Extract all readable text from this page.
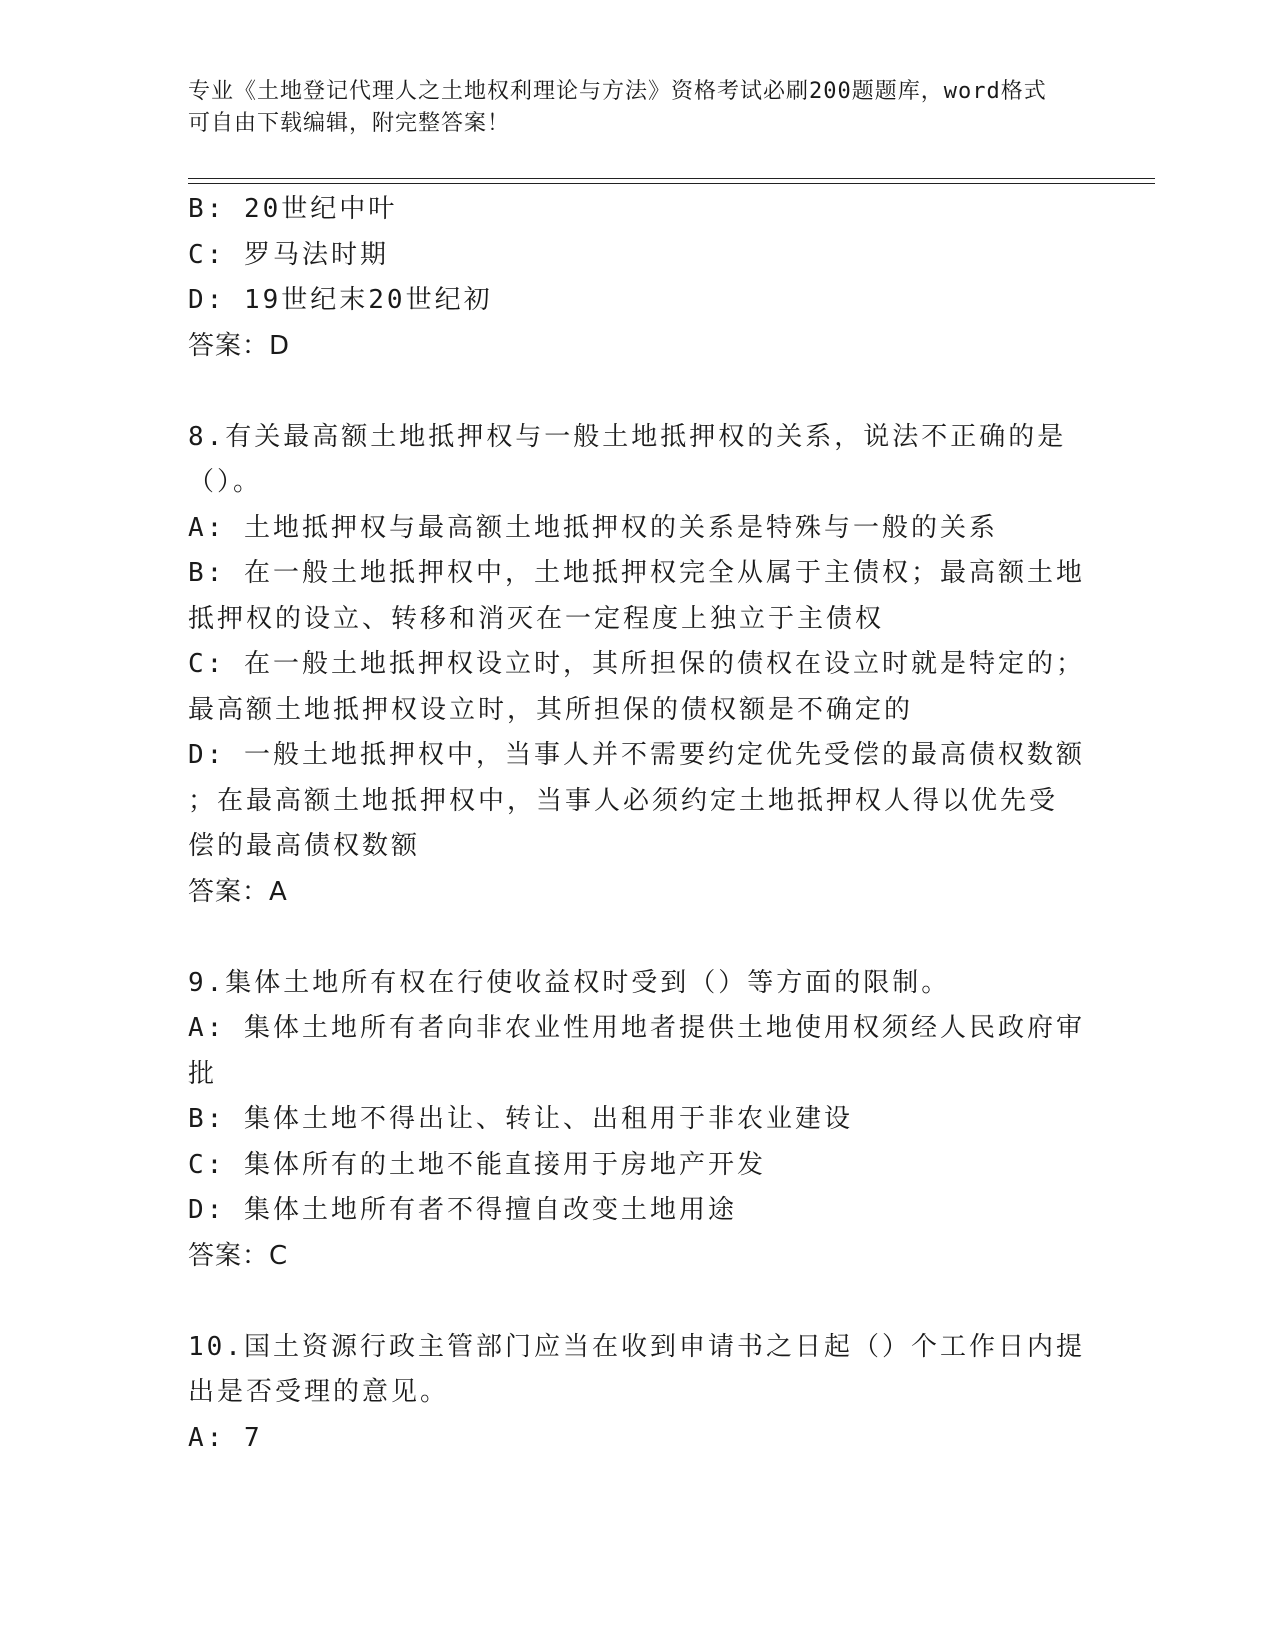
专业《土地登记代理人之土地权利理论与方法》资格考试必刷200题题库，word格式可自由下载编辑，附完整答案！
B: 20世纪中叶
C: 罗马法时期
D: 19世纪末20世纪初
答案：D
8.有关最高额土地抵押权与一般土地抵押权的关系，说法不正确的是
（）。
A: 土地抵押权与最高额土地抵押权的关系是特殊与一般的关系
B: 在一般土地抵押权中，土地抵押权完全从属于主债权；最高额土地
抵押权的设立、转移和消灭在一定程度上独立于主债权
C: 在一般土地抵押权设立时，其所担保的债权在设立时就是特定的；
最高额土地抵押权设立时，其所担保的债权额是不确定的
D: 一般土地抵押权中，当事人并不需要约定优先受偿的最高债权数额
；在最高额土地抵押权中，当事人必须约定土地抵押权人得以优先受
偿的最高债权数额
答案：A
9.集体土地所有权在行使收益权时受到（）等方面的限制。
A: 集体土地所有者向非农业性用地者提供土地使用权须经人民政府审
批
B: 集体土地不得出让、转让、出租用于非农业建设
C: 集体所有的土地不能直接用于房地产开发
D: 集体土地所有者不得擅自改变土地用途
答案：C
10.国土资源行政主管部门应当在收到申请书之日起（）个工作日内提
出是否受理的意见。
A: 7
